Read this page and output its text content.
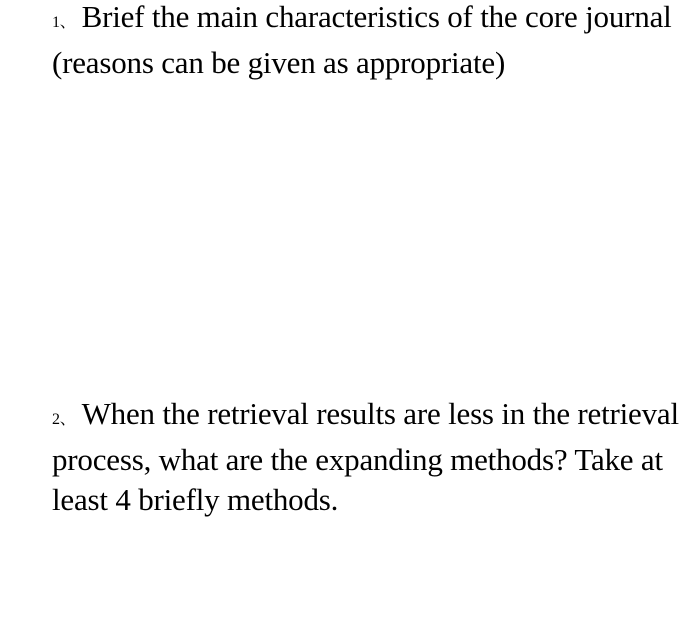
1、 Brief the main characteristics of the core journal (reasons can be given as appropriate)
2、 When the retrieval results are less in the retrieval process, what are the expanding methods? Take at least 4 briefly methods.
